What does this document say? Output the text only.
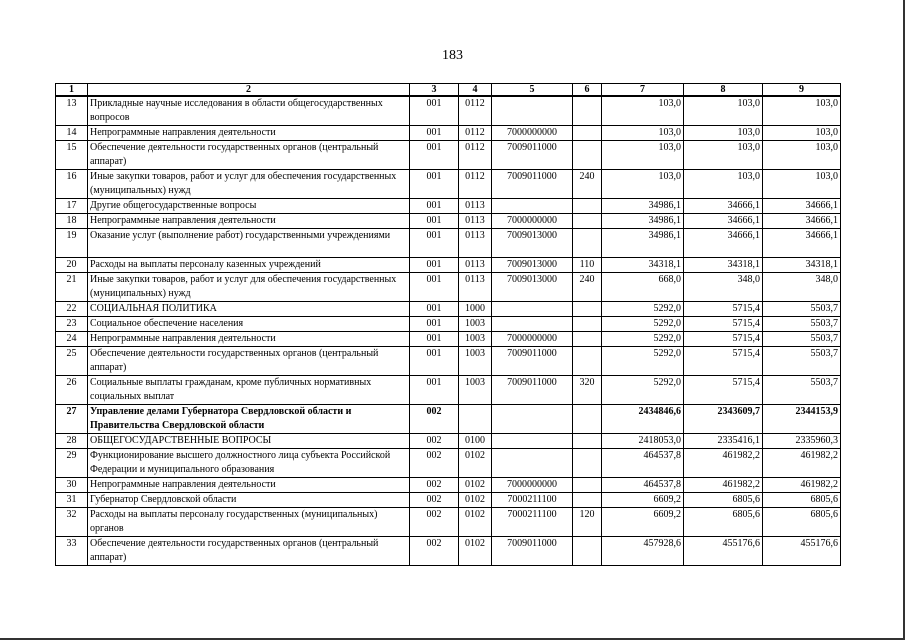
183
1	2	3	4	5	6	7	8	9
13	Прикладные научные исследования в области общегосударственных вопросов	001	0112			103,0	103,0	103,0
14	Непрограммные направления деятельности	001	0112	7000000000		103,0	103,0	103,0
15	Обеспечение деятельности государственных органов (центральный аппарат)	001	0112	7009011000		103,0	103,0	103,0
16	Иные закупки товаров, работ и услуг для обеспечения государственных (муниципальных) нужд	001	0112	7009011000	240	103,0	103,0	103,0
17	Другие общегосударственные вопросы	001	0113			34986,1	34666,1	34666,1
18	Непрограммные направления деятельности	001	0113	7000000000		34986,1	34666,1	34666,1
19	Оказание услуг (выполнение работ) государственными учреждениями	001	0113	7009013000		34986,1	34666,1	34666,1
20	Расходы на выплаты персоналу казенных учреждений	001	0113	7009013000	110	34318,1	34318,1	34318,1
21	Иные закупки товаров, работ и услуг для обеспечения государственных (муниципальных) нужд	001	0113	7009013000	240	668,0	348,0	348,0
22	СОЦИАЛЬНАЯ ПОЛИТИКА	001	1000			5292,0	5715,4	5503,7
23	Социальное обеспечение населения	001	1003			5292,0	5715,4	5503,7
24	Непрограммные направления деятельности	001	1003	7000000000		5292,0	5715,4	5503,7
25	Обеспечение деятельности государственных органов (центральный аппарат)	001	1003	7009011000		5292,0	5715,4	5503,7
26	Социальные выплаты гражданам, кроме публичных нормативных социальных выплат	001	1003	7009011000	320	5292,0	5715,4	5503,7
27	Управление делами Губернатора Свердловской области и Правительства Свердловской области	002				2434846,6	2343609,7	2344153,9
28	ОБЩЕГОСУДАРСТВЕННЫЕ ВОПРОСЫ	002	0100			2418053,0	2335416,1	2335960,3
29	Функционирование высшего должностного лица субъекта Российской Федерации и муниципального образования	002	0102			464537,8	461982,2	461982,2
30	Непрограммные направления деятельности	002	0102	7000000000		464537,8	461982,2	461982,2
31	Губернатор Свердловской области	002	0102	7000211100		6609,2	6805,6	6805,6
32	Расходы на выплаты персоналу государственных (муниципальных) органов	002	0102	7000211100	120	6609,2	6805,6	6805,6
33	Обеспечение деятельности государственных органов (центральный аппарат)	002	0102	7009011000		457928,6	455176,6	455176,6
